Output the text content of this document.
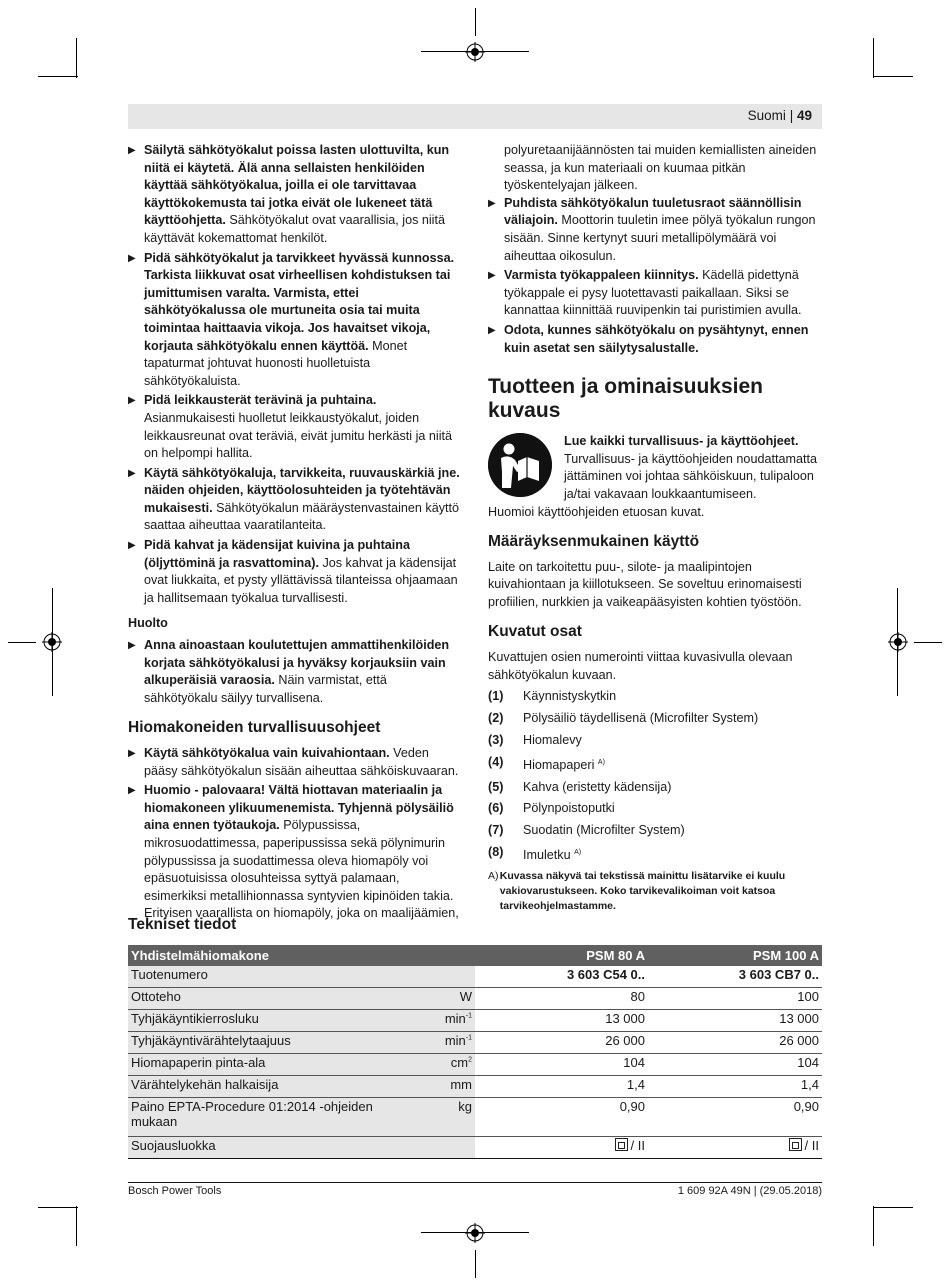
Suomi | 49
▶ Säilytä sähkötyökalut poissa lasten ulottuvilta, kun niitä ei käytetä. Älä anna sellaisten henkilöiden käyttää sähkötyökalua, joilla ei ole tarvittavaa käyttökokemusta tai jotka eivät ole lukeneet tätä käyttöohjetta. Sähkötyökalut ovat vaarallisia, jos niitä käyttävät kokemattomat henkilöt.
▶ Pidä sähkötyökalut ja tarvikkeet hyvässä kunnossa. Tarkista liikkuvat osat virheellisen kohdistuksen tai jumittumisen varalta. Varmista, ettei sähkötyökalussa ole murtuneita osia tai muita toimintaa haittaavia vikoja. Jos havaitset vikoja, korjauta sähkötyökalu ennen käyttöä. Monet tapaturmat johtuvat huonosti huolletuista sähkötyökaluista.
▶ Pidä leikkausterät terävinä ja puhtaina. Asianmukaisesti huolletut leikkaustyökalut, joiden leikkausreunat ovat teräviä, eivät jumitu herkästi ja niitä on helpompi hallita.
▶ Käytä sähkötyökaluja, tarvikkeita, ruuvauskärkiä jne. näiden ohjeiden, käyttöolosuhteiden ja työtehtävän mukaisesti. Sähkötyökalun määräystenvastainen käyttö saattaa aiheuttaa vaaratilanteita.
▶ Pidä kahvat ja kädensijat kuivina ja puhtaina (öljyttöminä ja rasvattomina). Jos kahvat ja kädensijat ovat liukkaita, et pysty yllättävissä tilanteissa ohjaamaan ja hallitsemaan työkalua turvallisesti.
Huolto
▶ Anna ainoastaan koulutettujen ammattihenkilöiden korjata sähkötyökalusi ja hyväksy korjauksiin vain alkuperäisiä varaosia. Näin varmistat, että sähkötyökalu säilyy turvallisena.
Hiomakoneiden turvallisuusohjeet
▶ Käytä sähkötyökalua vain kuivahiontaan. Veden pääsy sähkötyökalun sisään aiheuttaa sähköiskuvaaran.
▶ Huomio - palovaara! Vältä hiottavan materiaalin ja hiomakoneen ylikuumenemista. Tyhjennä pölysäiliö aina ennen työtaukoja. Pölypussissa, mikrosuodattimessa, paperipussissa sekä pölynimurin pölypussissa ja suodattimessa oleva hiomapöly voi epäsuotuisissa olosuhteissa syttyä palamaan, esimerkiksi metallihionnassa syntyvien kipinöiden takia. Erityisen vaarallista on hiomapöly, joka on maalijäämien,
polyuretaanijäännösten tai muiden kemiallisten aineiden seassa, ja kun materiaali on kuumaa pitkän työskentelyajan jälkeen.
▶ Puhdista sähkötyökalun tuuletusraot säännöllisin väliajoin. Moottorin tuuletin imee pölyä työkalun rungon sisään. Sinne kertynyt suuri metallipölymäärä voi aiheuttaa oikosulun.
▶ Varmista työkappaleen kiinnitys. Kädellä pidettynä työkappale ei pysy luotettavasti paikallaan. Siksi se kannattaa kiinnittää ruuvipenkin tai puristimien avulla.
▶ Odota, kunnes sähkötyökalu on pysähtynyt, ennen kuin asetat sen säilytysalustalle.
Tuotteen ja ominaisuuksien kuvaus
Lue kaikki turvallisuus- ja käyttöohjeet.
Turvallisuus- ja käyttöohjeiden noudattamatta jättäminen voi johtaa sähköiskuun, tulipaloon ja/tai vakavaan loukkaantumiseen.
Huomioi käyttöohjeiden etuosan kuvat.
Määräyksenmukainen käyttö
Laite on tarkoitettu puu-, silote- ja maalipintojen kuivahiontaan ja kiillotukseen. Se soveltuu erinomaisesti profiilien, nurkkien ja vaikeapääsyisten kohtien työstöön.
Kuvatut osat
Kuvattujen osien numerointi viittaa kuvasivulla olevaan sähkötyökalun kuvaan.
(1)	Käynnistyskytkin
(2)	Pölysäiliö täydellisenä (Microfilter System)
(3)	Hiomalevy
(4)	Hiomapaperi $^{A)}$
(5)	Kahva (eristetty kädensija)
(6)	Pölynpoistoputki
(7)	Suodatin (Microfilter System)
(8)	Imuletku $^{A)}$
A) Kuvassa näkyvä tai tekstissä mainittu lisätarvike ei kuulu vakiovarustukseen. Koko tarvikevalikoiman voit katsoa tarvikeohjelmastamme.
Tekniset tiedot
Yhdistelmähiomakone		PSM 80 A	PSM 100 A
Tuotenumero		3 603 C54 0..	3 603 CB7 0..
Ottoteho	W	80	100
Tyhjäkäyntikierrosluku	$\min^{-1}$	13 000	13 000
Tyhjäkäyntivärähtelytaajuus	$\min^{-1}$	26 000	26 000
Hiomapaperin pinta-ala	$cm^2$	104	104
Värähtelykehän halkaisija	mm	1,4	1,4
Paino EPTA-Procedure 01:2014 -ohjeiden mukaan	kg	0,90	0,90
Suojausluokka		/ II	/ II
Bosch Power Tools	1 609 92A 49N | (29.05.2018)
